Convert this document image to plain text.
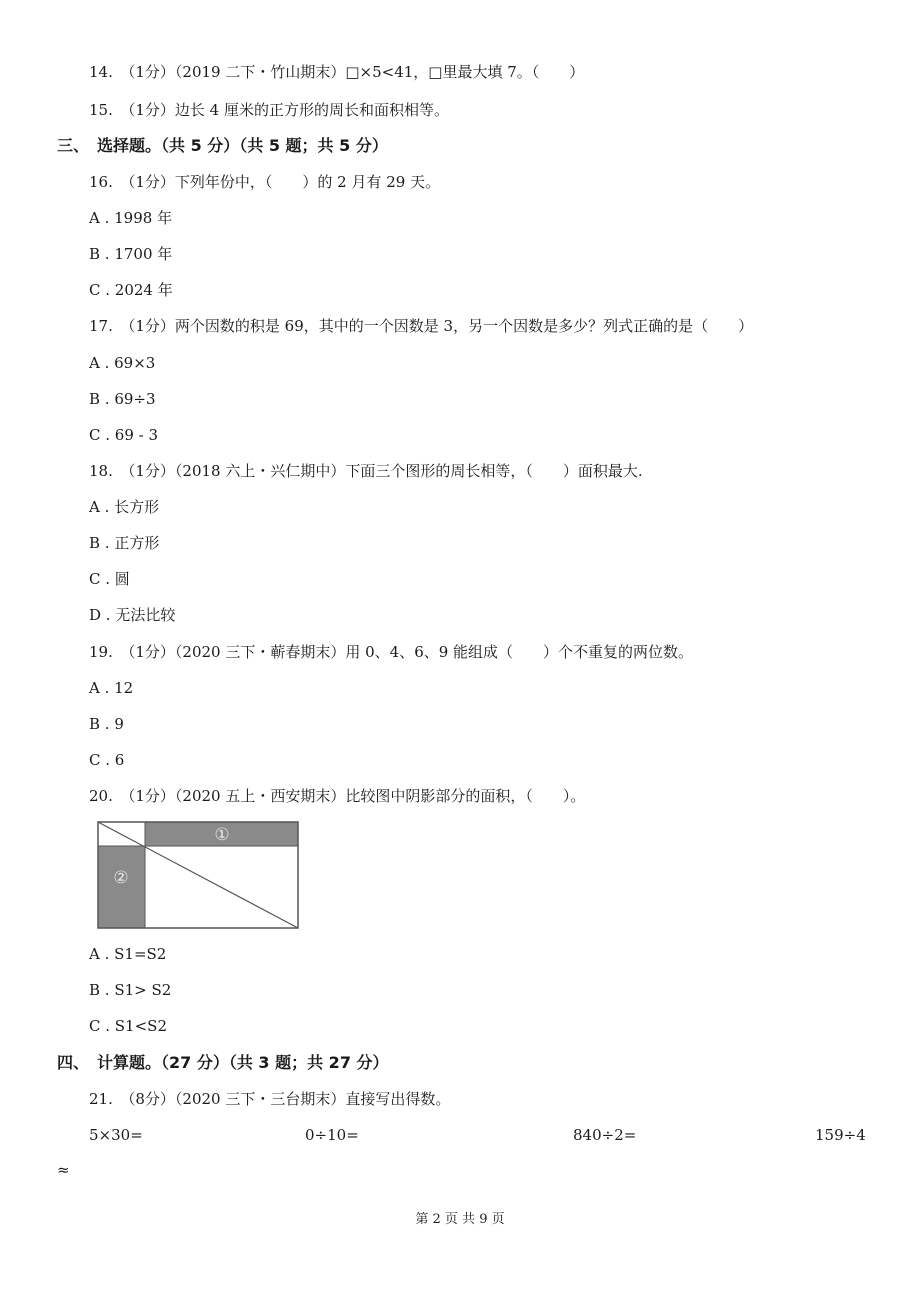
14.　（1分）（2019 二下・竹山期末）□×5<41，□里最大填 7。（　　）
15.　（1分）边长 4 厘米的正方形的周长和面积相等。
三、　选择题。（共 5 分）（共 5 题；共 5 分）
16.　（1分）下列年份中，（　　）的 2 月有 29 天。
A . 1998 年
B . 1700 年
C . 2024 年
17.　（1分）两个因数的积是 69，其中的一个因数是 3，另一个因数是多少？列式正确的是（　　）
A . 69×3
B . 69÷3
C . 69 - 3
18.　（1分）（2018 六上・兴仁期中）下面三个图形的周长相等，（　　）面积最大.
A . 长方形
B . 正方形
C . 圆
D . 无法比较
19.　（1分）（2020 三下・蕲春期末）用 0、4、6、9 能组成（　　）个不重复的两位数。
A . 12
B . 9
C . 6
20.　（1分）（2020 五上・西安期末）比较图中阴影部分的面积，（　　）。
①
②
A . S1=S2
B . S1> S2
C . S1<S2
四、　计算题。（27 分）（共 3 题；共 27 分）
21.　（8分）（2020 三下・三台期末）直接写出得数。
5×30=	0÷10=	840÷2=	159÷4
≈
第 2 页 共 9 页
